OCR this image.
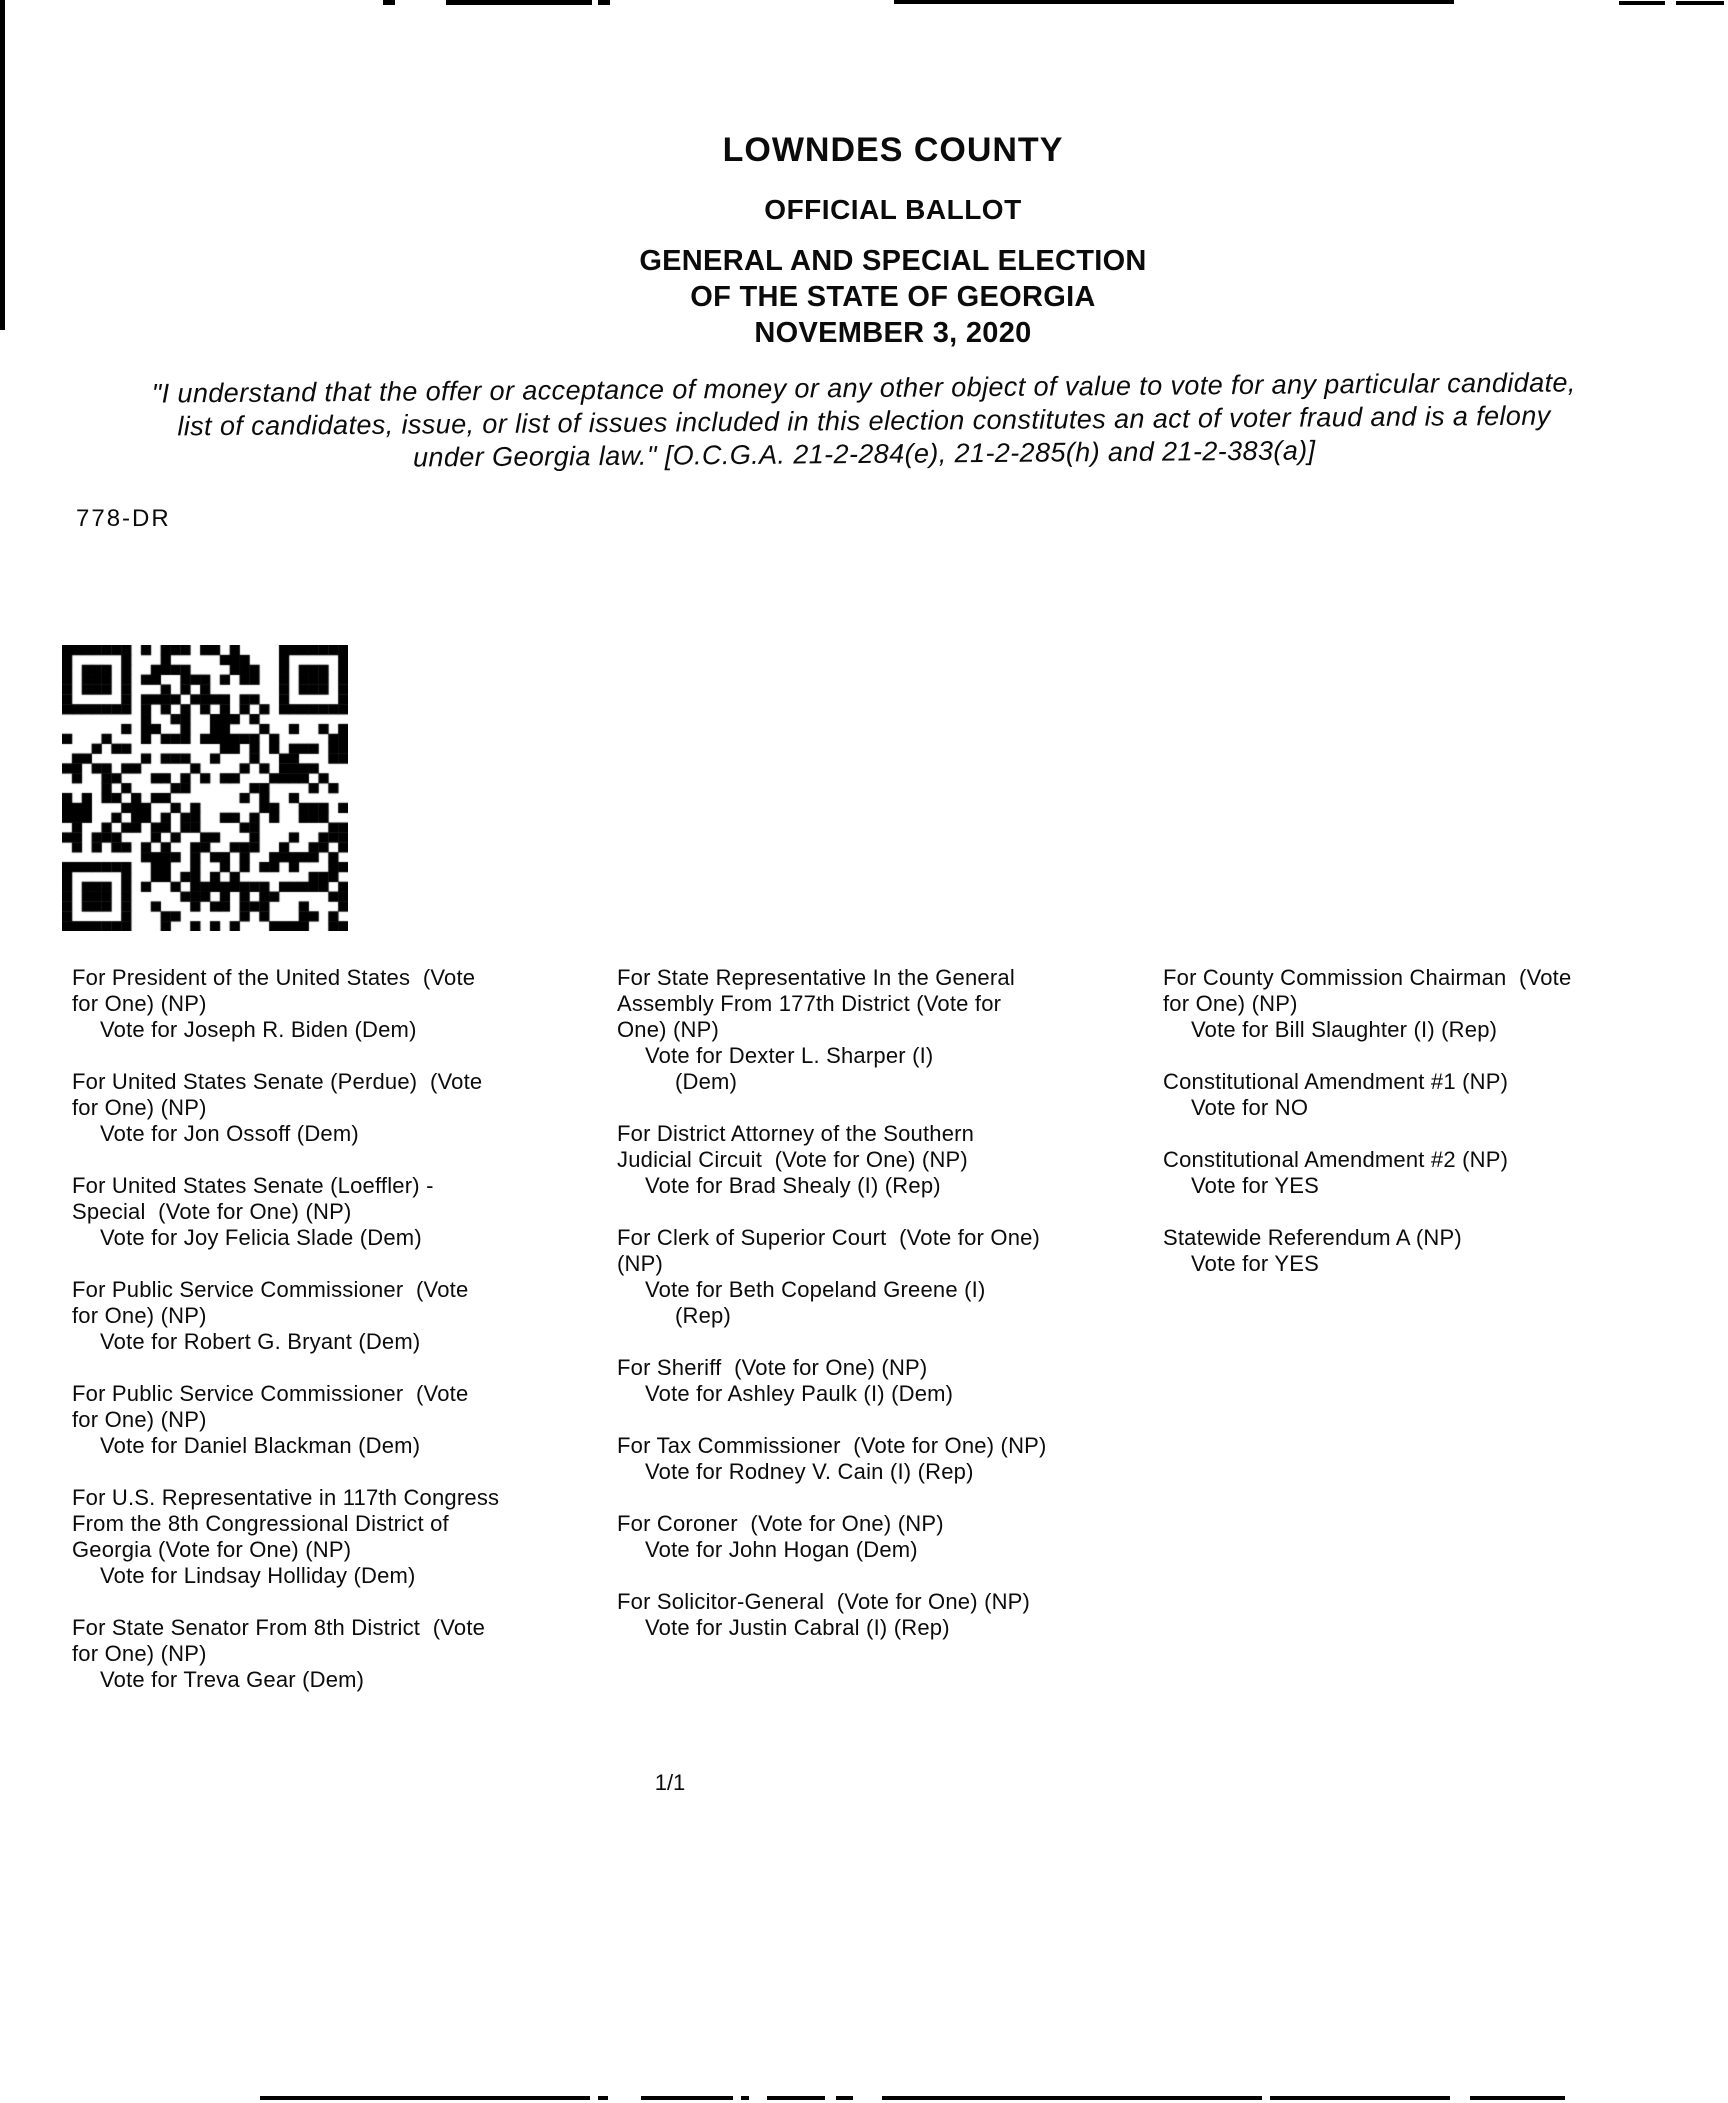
LOWNDES COUNTY
OFFICIAL BALLOT
GENERAL AND SPECIAL ELECTION
OF THE STATE OF GEORGIA
NOVEMBER 3, 2020
"I understand that the offer or acceptance of money or any other object of value to vote for any particular candidate,
list of candidates, issue, or list of issues included in this election constitutes an act of voter fraud and is a felony
under Georgia law." [O.C.G.A. 21-2-284(e), 21-2-285(h) and 21-2-383(a)]
778-DR
For President of the United States  (Vote
for One) (NP)
Vote for Joseph R. Biden (Dem)
For United States Senate (Perdue)  (Vote
for One) (NP)
Vote for Jon Ossoff (Dem)
For United States Senate (Loeffler) -
Special  (Vote for One) (NP)
Vote for Joy Felicia Slade (Dem)
For Public Service Commissioner  (Vote
for One) (NP)
Vote for Robert G. Bryant (Dem)
For Public Service Commissioner  (Vote
for One) (NP)
Vote for Daniel Blackman (Dem)
For U.S. Representative in 117th Congress
From the 8th Congressional District of
Georgia (Vote for One) (NP)
Vote for Lindsay Holliday (Dem)
For State Senator From 8th District  (Vote
for One) (NP)
Vote for Treva Gear (Dem)
For State Representative In the General
Assembly From 177th District (Vote for
One) (NP)
Vote for Dexter L. Sharper (I)
(Dem)
For District Attorney of the Southern
Judicial Circuit  (Vote for One) (NP)
Vote for Brad Shealy (I) (Rep)
For Clerk of Superior Court  (Vote for One)
(NP)
Vote for Beth Copeland Greene (I)
(Rep)
For Sheriff  (Vote for One) (NP)
Vote for Ashley Paulk (I) (Dem)
For Tax Commissioner  (Vote for One) (NP)
Vote for Rodney V. Cain (I) (Rep)
For Coroner  (Vote for One) (NP)
Vote for John Hogan (Dem)
For Solicitor-General  (Vote for One) (NP)
Vote for Justin Cabral (I) (Rep)
For County Commission Chairman  (Vote
for One) (NP)
Vote for Bill Slaughter (I) (Rep)
Constitutional Amendment #1 (NP)
Vote for NO
Constitutional Amendment #2 (NP)
Vote for YES
Statewide Referendum A (NP)
Vote for YES
1/1
